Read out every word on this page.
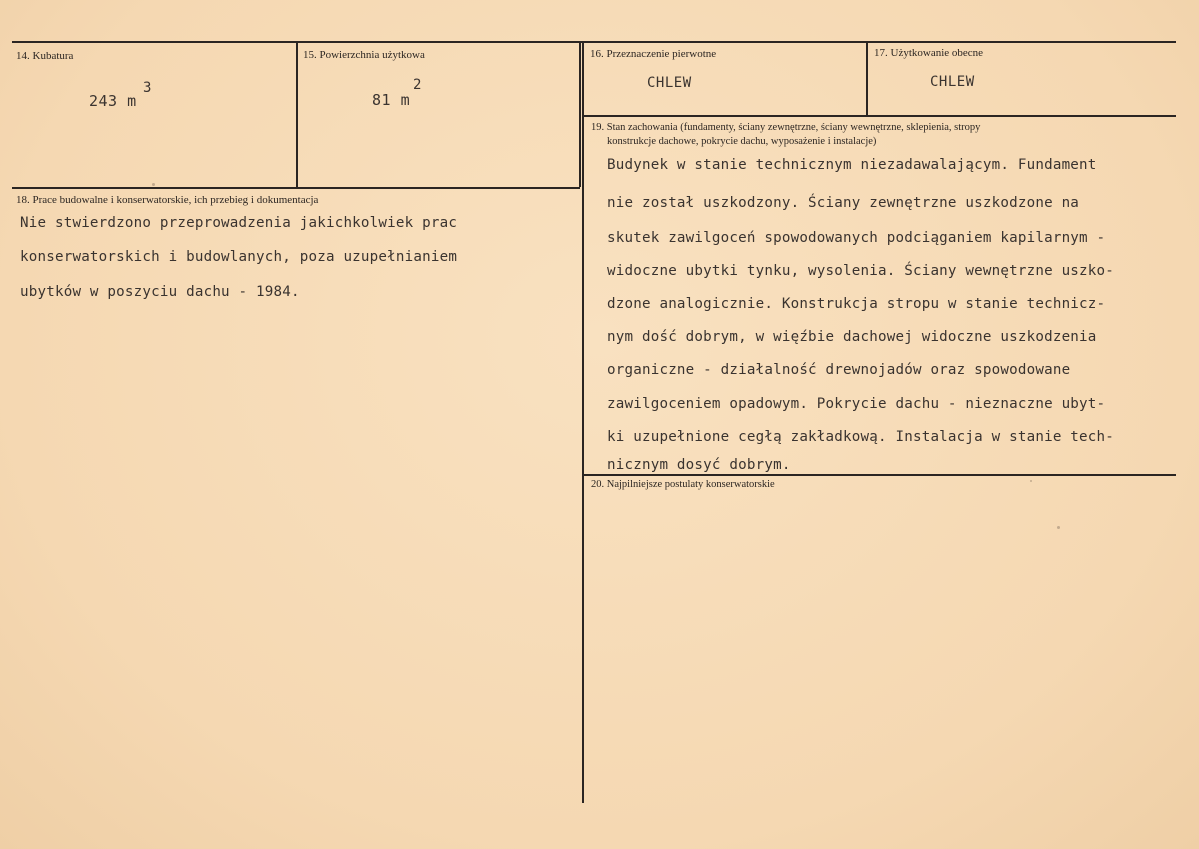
14. Kubatura
243 m
3
15. Powierzchnia użytkowa
81 m
2
16. Przeznaczenie pierwotne
CHLEW
17. Użytkowanie obecne
CHLEW
18. Prace budowalne i konserwatorskie, ich przebieg i dokumentacja
Nie stwierdzono przeprowadzenia jakichkolwiek prac
konserwatorskich i budowlanych, poza uzupełnianiem
ubytków w poszyciu dachu - 1984.
19. Stan zachowania (fundamenty, ściany zewnętrzne, ściany wewnętrzne, sklepienia, stropy
konstrukcje dachowe, pokrycie dachu, wyposażenie i instalacje)
Budynek w stanie technicznym niezadawalającym. Fundament
nie został uszkodzony. Ściany zewnętrzne uszkodzone na
skutek zawilgoceń spowodowanych podciąganiem kapilarnym -
widoczne ubytki tynku, wysolenia. Ściany wewnętrzne uszko-
dzone analogicznie. Konstrukcja stropu w stanie technicz-
nym dość dobrym, w więźbie dachowej widoczne uszkodzenia
organiczne - działalność drewnojadów oraz spowodowane
zawilgoceniem opadowym. Pokrycie dachu - nieznaczne ubyt-
ki uzupełnione cegłą zakładkową. Instalacja w stanie tech-
nicznym dosyć dobrym.
20. Najpilniejsze postulaty konserwatorskie
